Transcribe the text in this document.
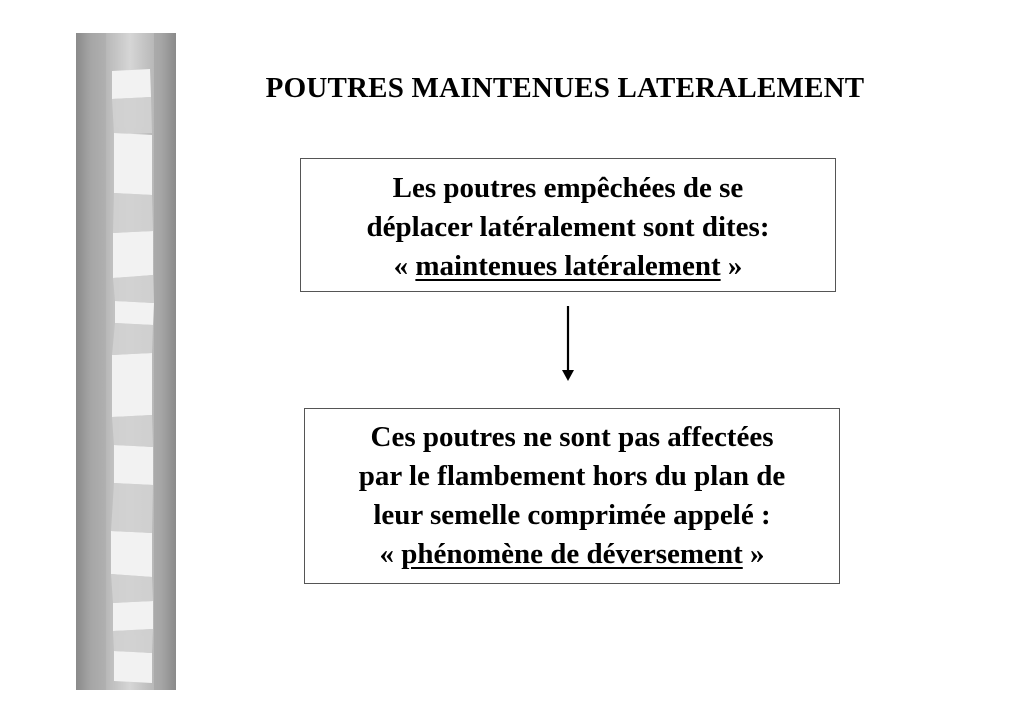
POUTRES MAINTENUES LATERALEMENT
Les poutres empêchées de se
déplacer latéralement sont dites:
« maintenues latéralement »
Ces poutres ne sont pas affectées
par le flambement hors du plan de
leur semelle comprimée appelé :
« phénomène de déversement »
